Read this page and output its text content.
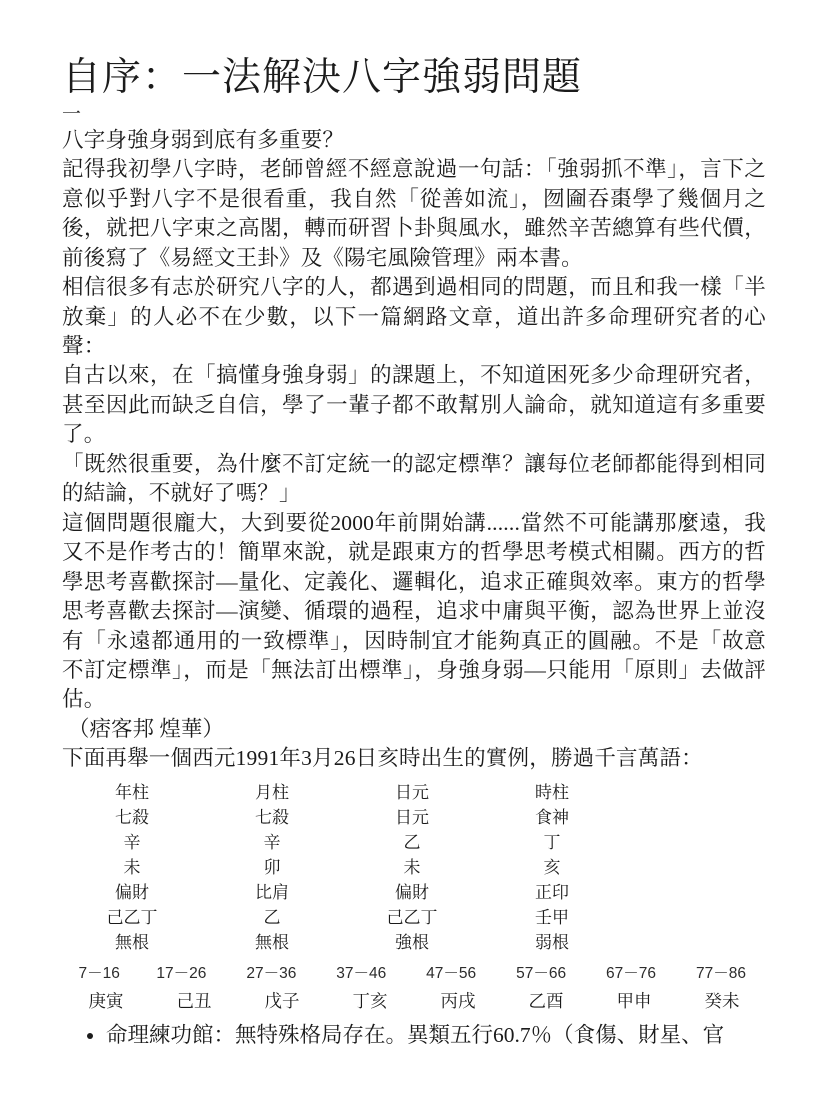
自序：一法解決八字強弱問題
一

八字身強身弱到底有多重要？

記得我初學八字時，老師曾經不經意說過一句話：「強弱抓不準」，言下之意似乎對八字不是很看重，我自然「從善如流」，囫圇吞棗學了幾個月之後，就把八字束之高閣，轉而研習卜卦與風水，雖然辛苦總算有些代價，前後寫了《易經文王卦》及《陽宅風險管理》兩本書。

相信很多有志於研究八字的人，都遇到過相同的問題，而且和我一樣「半放棄」的人必不在少數，以下一篇網路文章，道出許多命理研究者的心聲：

自古以來，在「搞懂身強身弱」的課題上，不知道困死多少命理研究者，甚至因此而缺乏自信，學了一輩子都不敢幫別人論命，就知道這有多重要了。

「既然很重要，為什麼不訂定統一的認定標準？讓每位老師都能得到相同的結論，不就好了嗎？」

這個問題很龐大，大到要從2000年前開始講......當然不可能講那麼遠，我又不是作考古的！簡單來說，就是跟東方的哲學思考模式相關。西方的哲學思考喜歡探討—量化、定義化、邏輯化，追求正確與效率。東方的哲學思考喜歡去探討—演變、循環的過程，追求中庸與平衡，認為世界上並沒有「永遠都通用的一致標準」，因時制宜才能夠真正的圓融。不是「故意不訂定標準」，而是「無法訂出標準」，身強身弱—只能用「原則」去做評估。

（痞客邦 煌華）

下面再舉一個西元1991年3月26日亥時出生的實例，勝過千言萬語：

年柱	月柱	日元	時柱
七殺	七殺	日元	食神
辛	辛	乙	丁
未	卯	未	亥
偏財	比肩	偏財	正印
己乙丁	乙	己乙丁	壬甲
無根	無根	強根	弱根
7－16	17－26	27－36	37－46	47－56	57－66	67－76	77－86
庚寅	己丑	戊子	丁亥	丙戌	乙酉	甲申	癸未
• 命理練功館：無特殊格局存在。異類五行60.7％（食傷、財星、官
